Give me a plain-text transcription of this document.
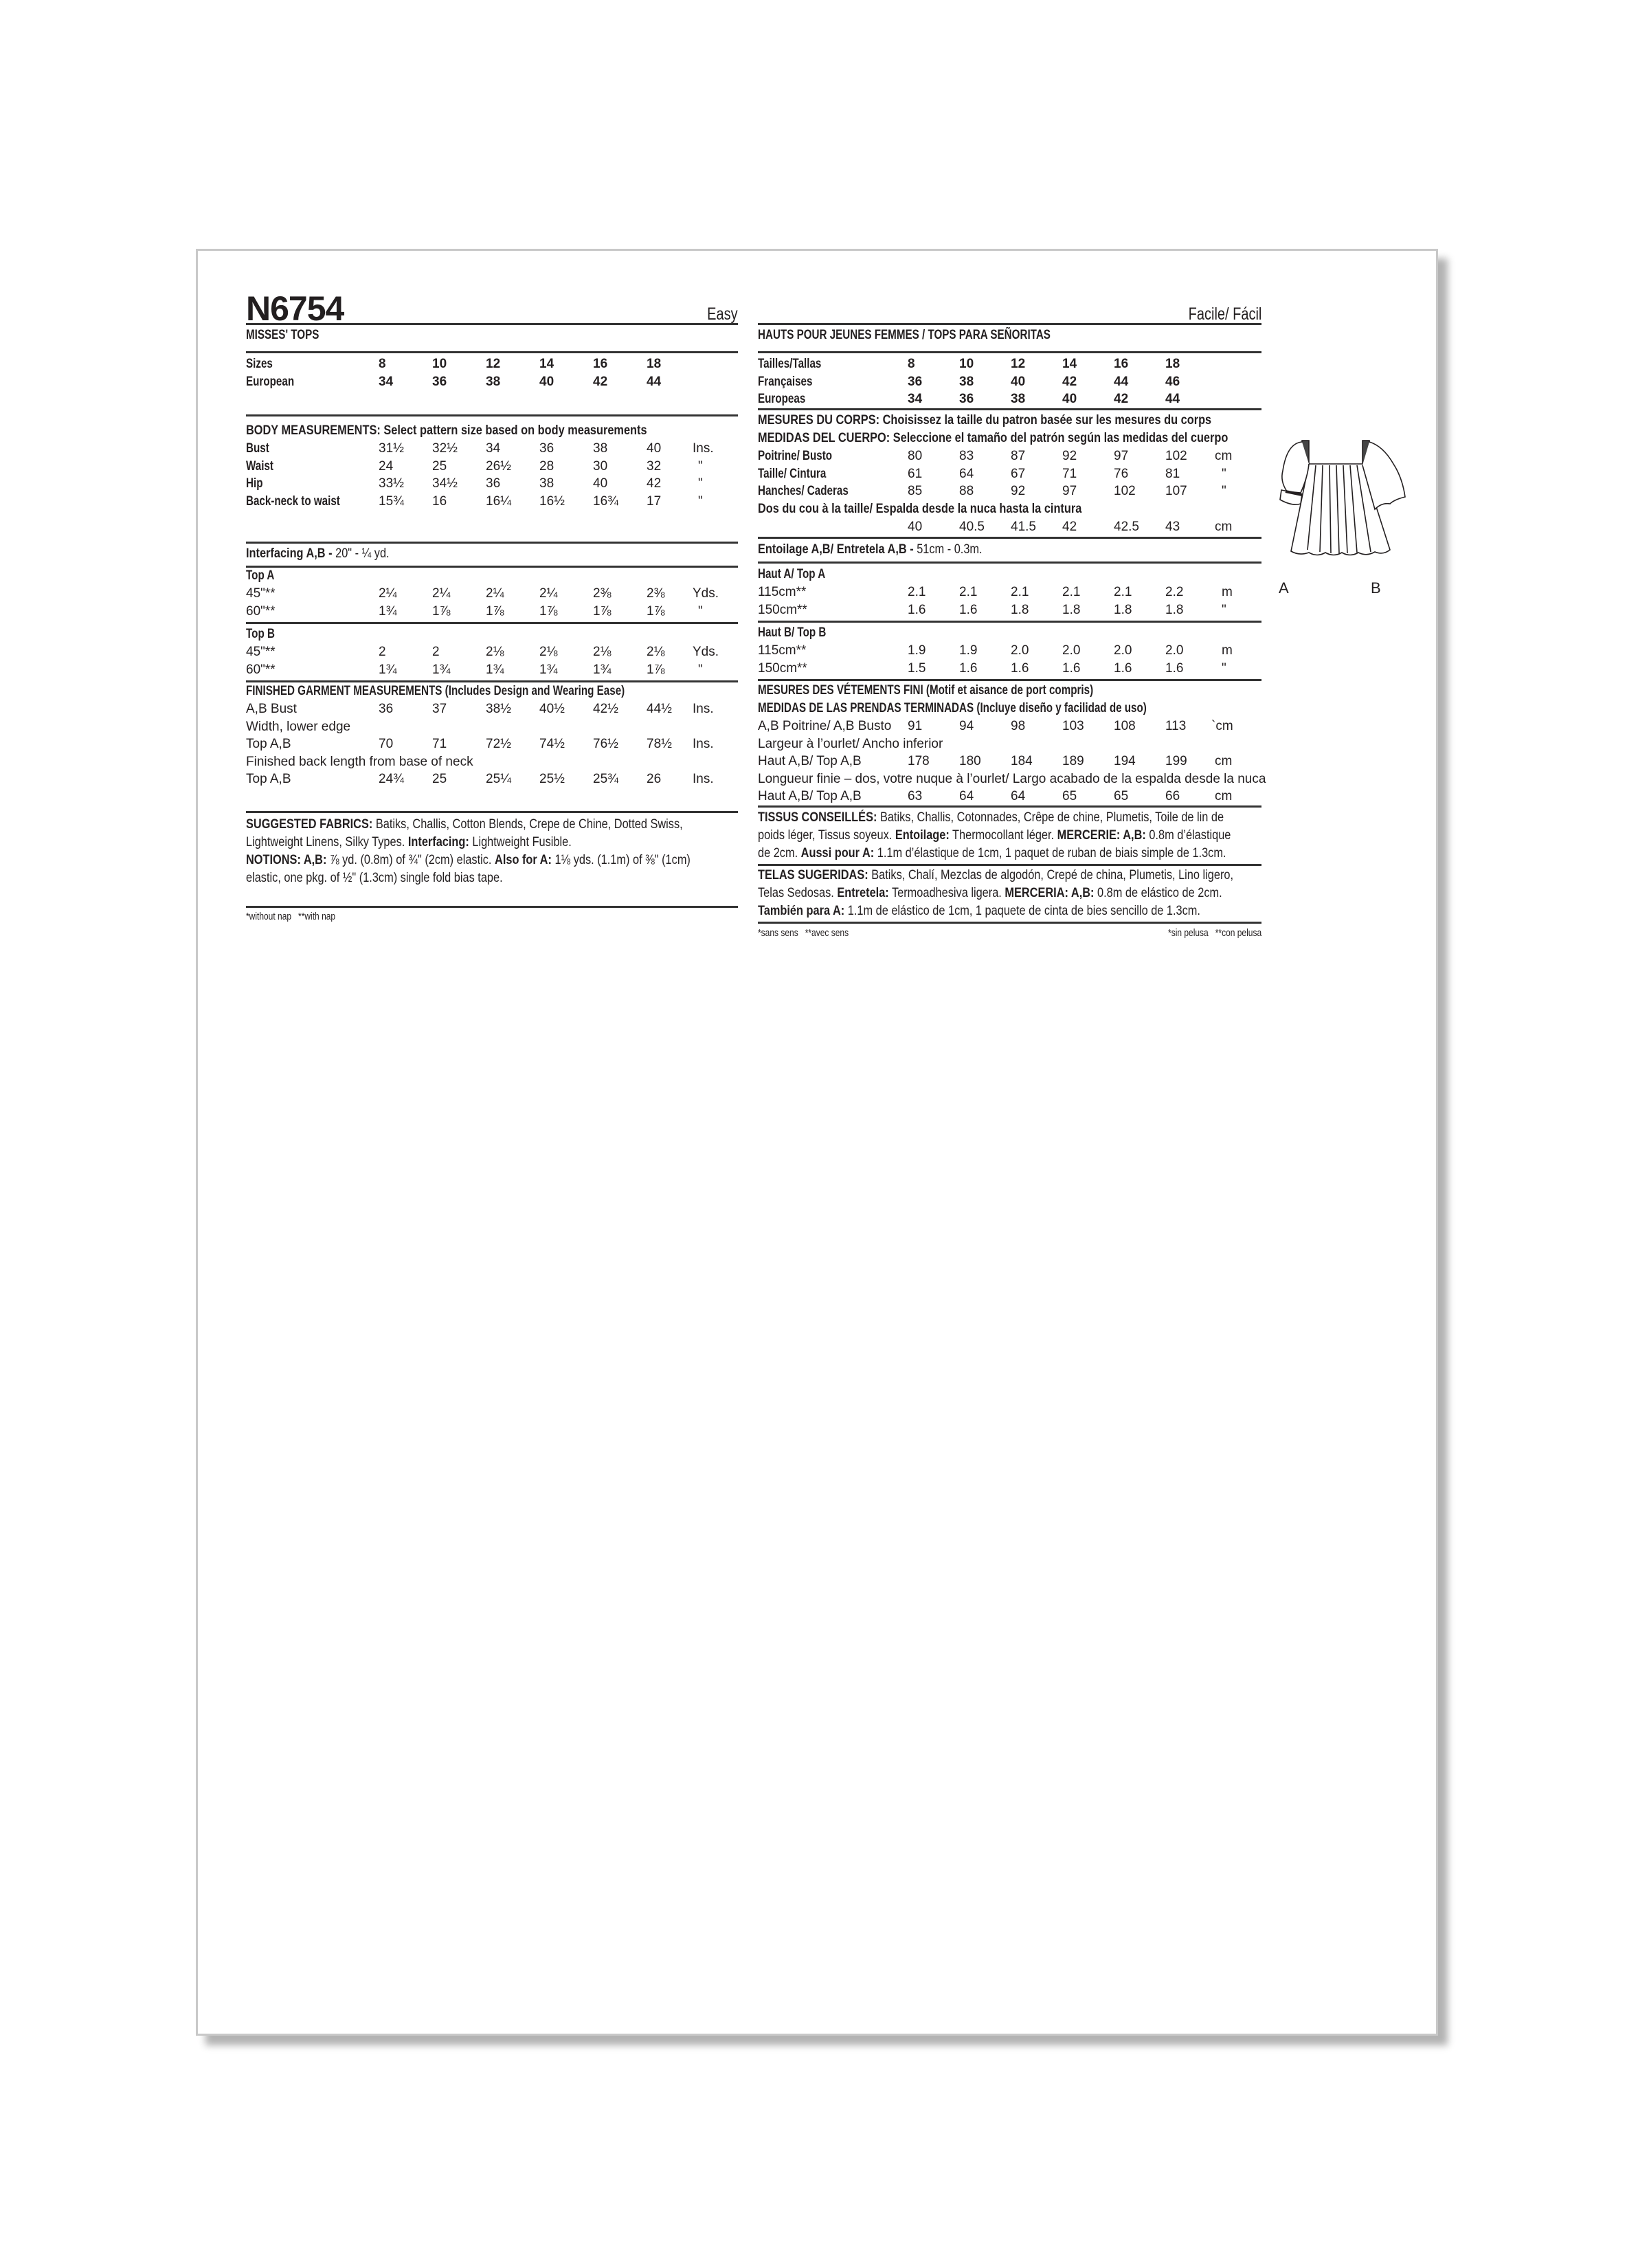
N6754	Easy
MISSES' TOPS
Sizes	8	10	12	14	16	18
European	34	36	38	40	42	44
BODY MEASUREMENTS: Select pattern size based on body measurements
Bust	31½ 32½ 34	36	38	40 Ins.
Waist	24	25	26½ 28	30	32	"
Hip	33½ 34½ 36	38	40	42	"
Back-neck to waist	15¾ 16	16¼ 16½ 16¾ 17	"
Interfacing A,B - 20" - ¼ yd.
Top A
45"**	2¼	2¼	2¼	2¼	2⅜	2⅜ Yds.
60"**	1¾	1⅞	1⅞	1⅞	1⅞	1⅞	"
Top B
45"**	2	2	2⅛	2⅛	2⅛	2⅛ Yds.
60"**	1¾	1¾	1¾	1¾	1¾	1⅞	"
FINISHED GARMENT MEASUREMENTS (Includes Design and Wearing Ease)
A,B Bust	36	37	38½ 40½ 42½ 44½ Ins.
Width, lower edge
Top A,B	70	71	72½ 74½ 76½ 78½ Ins.
Finished back length from base of neck
Top A,B	24¾ 25	25¼ 25½ 25¾ 26 Ins.
SUGGESTED FABRICS: Batiks, Challis, Cotton Blends, Crepe de Chine, Dotted Swiss,
Lightweight Linens, Silky Types. Interfacing: Lightweight Fusible.
NOTIONS: A,B: ⅞ yd. (0.8m) of ¾" (2cm) elastic. Also for A: 1⅛ yds. (1.1m) of ⅜" (1cm)
elastic, one pkg. of ½" (1.3cm) single fold bias tape.
*without nap   **with nap
Facile/ Fácil
HAUTS POUR JEUNES FEMMES / TOPS PARA SEÑORITAS
Tailles/Tallas	8	10	12	14	16	18
Françaises	36	38	40	42	44	46
Europeas	34	36	38	40	42	44
MESURES DU CORPS: Choisissez la taille du patron basée sur les mesures du corps
MEDIDAS DEL CUERPO: Seleccione el tamaño del patrón según las medidas del cuerpo
Poitrine/ Busto	80	83	87	92	97	102 cm
Taille/ Cintura	61	64	67	71	76	81	"
Hanches/ Caderas	85	88	92	97	102 107	"
Dos du cou à la taille/ Espalda desde la nuca hasta la cintura
40	40.5 41.5 42	42.5 43	cm
Entoilage A,B/ Entretela A,B - 51cm - 0.3m.
Haut A/ Top A
115cm**	2.1	2.1	2.1	2.1	2.1	2.2	m
150cm**	1.6	1.6	1.8	1.8	1.8	1.8	"
Haut B/ Top B
115cm**	1.9	1.9	2.0	2.0	2.0	2.0	m
150cm**	1.5	1.6	1.6	1.6	1.6	1.6	"
MESURES DES VÉTEMENTS FINI (Motif et aisance de port compris)
MEDIDAS DE LAS PRENDAS TERMINADAS (Incluye diseño y facilidad de uso)
A,B Poitrine/ A,B Busto 91	94	98	103 108 113 `cm
Largeur à l’ourlet/ Ancho inferior
Haut A,B/ Top A,B	178 180 184 189 194 199 cm
Longueur finie – dos, votre nuque à l’ourlet/ Largo acabado de la espalda desde la nuca
Haut A,B/ Top A,B	63	64	64	65	65	66	cm
TISSUS CONSEILLÉS: Batiks, Challis, Cotonnades, Crêpe de chine, Plumetis, Toile de lin de
poids léger, Tissus soyeux. Entoilage: Thermocollant léger. MERCERIE: A,B: 0.8m d’élastique
de 2cm. Aussi pour A: 1.1m d’élastique de 1cm, 1 paquet de ruban de biais simple de 1.3cm.
TELAS SUGERIDAS: Batiks, Chalí, Mezclas de algodón, Crepé de china, Plumetis, Lino ligero,
Telas Sedosas. Entretela: Termoadhesiva ligera. MERCERIA: A,B: 0.8m de elástico de 2cm.
También para A: 1.1m de elástico de 1cm, 1 paquete de cinta de bies sencillo de 1.3cm.
*sans sens   **avec sens	*sin pelusa   **con pelusa
A	B
